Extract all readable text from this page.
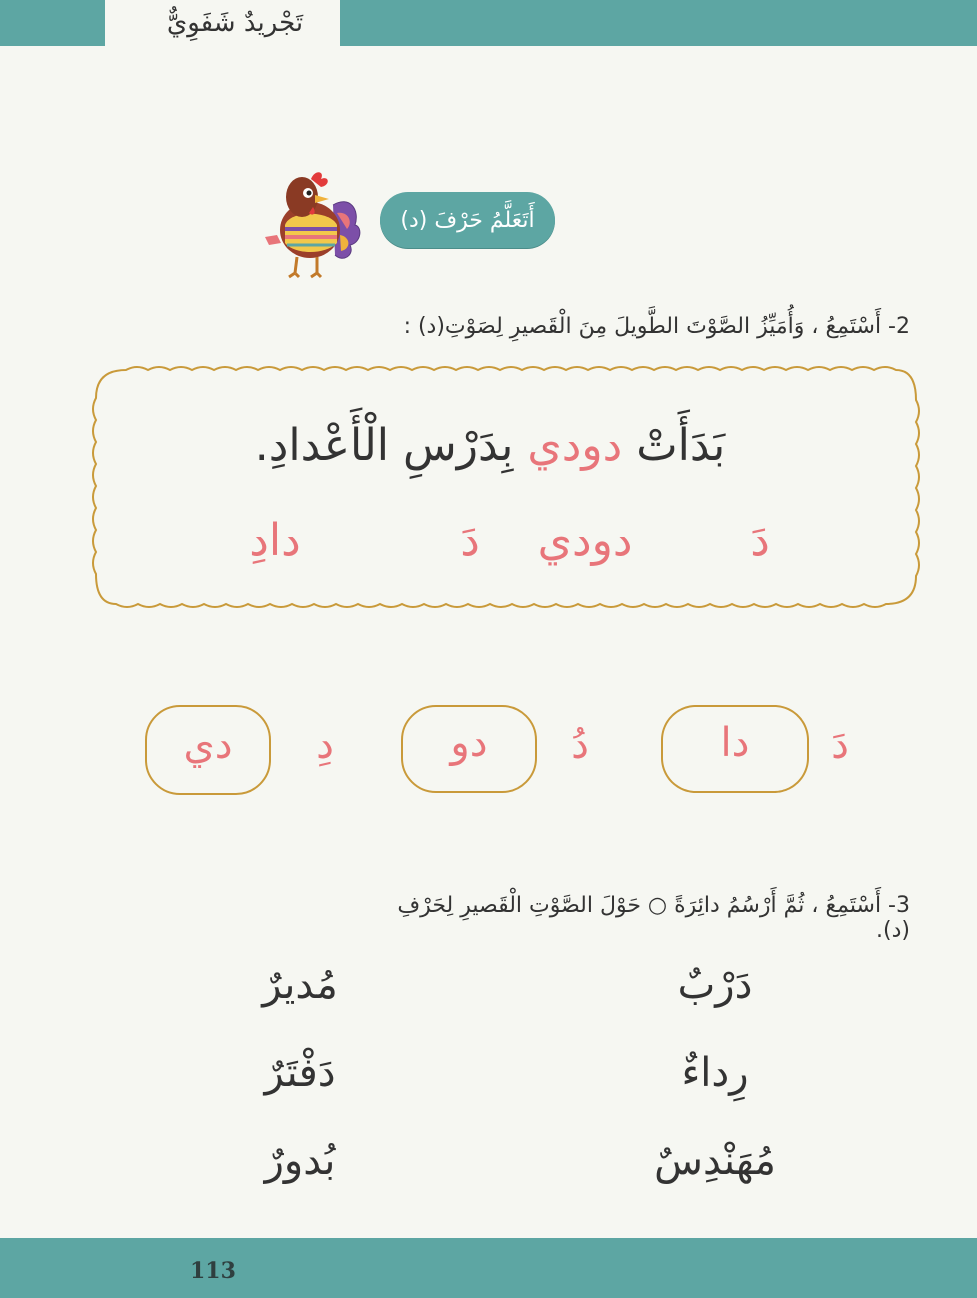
تَجْريدٌ شَفَوِيٌّ
أَتَعَلَّمُ حَرْفَ (د)
2- أَسْتَمِعُ ، وَأُمَيِّزُ الصَّوْتَ الطَّويلَ مِنَ الْقَصيرِ لِصَوْتِ(د) :
بَدَأَتْ دودي بِدَرْسِ الْأَعْدادِ.
دَ
دودي
دَ
دادِ
دَ
دا
دُ
دو
دِ
دي
3- أَسْتَمِعُ ، ثُمَّ أَرْسُمُ دائِرَةً ○ حَوْلَ الصَّوْتِ الْقَصيرِ لِحَرْفِ (د).
دَرْبٌ
رِداءٌ
مُهَنْدِسٌ
مُديرٌ
دَفْتَرٌ
بُدورٌ
113
